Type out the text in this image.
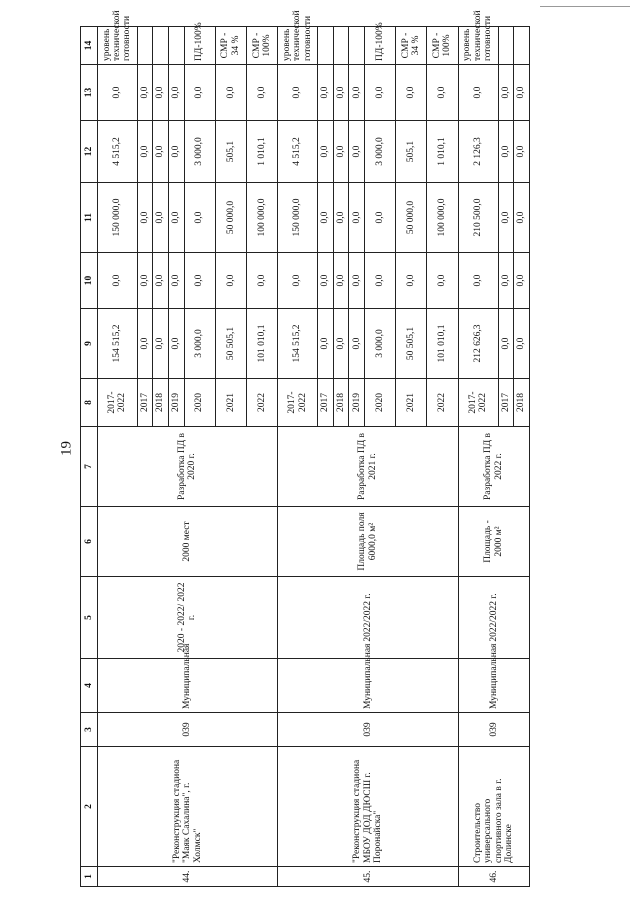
19
1	2	3	4	5	6	7	8	9	10	11	12	13	14
44.	"Реконструкция стадиона "Маяк Сахалина", г. Холмск"	039	Муниципальная	2020 - 2022/ 2022 г.	2000 мест	Разработка ПД в 2020 г.	2017-2022	154 515,2	0,0	150 000,0	4 515,2	0,0	уровень технической готовности
							2017	0,0	0,0	0,0	0,0	0,0	
							2018	0,0	0,0	0,0	0,0	0,0	
							2019	0,0	0,0	0,0	0,0	0,0	
							2020	3 000,0	0,0	0,0	3 000,0	0,0	ПД-100%
							2021	50 505,1	0,0	50 000,0	505,1	0,0	СМР - 34 %
							2022	101 010,1	0,0	100 000,0	1 010,1	0,0	СМР - 100%
45.	"Реконструкция стадиона МБОУ ДОД ДЮСШ г. Поронайска"	039	Муниципальная	2022/2022 г.	Площадь поля 6000,0 м²	Разработка ПД в 2021 г.	2017-2022	154 515,2	0,0	150 000,0	4 515,2	0,0	уровень технической готовности
							2017	0,0	0,0	0,0	0,0	0,0	
							2018	0,0	0,0	0,0	0,0	0,0	
							2019	0,0	0,0	0,0	0,0	0,0	
							2020	3 000,0	0,0	0,0	3 000,0	0,0	ПД-100%
							2021	50 505,1	0,0	50 000,0	505,1	0,0	СМР - 34 %
							2022	101 010,1	0,0	100 000,0	1 010,1	0,0	СМР - 100%
46.	Строительство универсального спортивного зала в г. Долинске	039	Муниципальная	2022/2022 г.	Площадь - 2000 м²	Разработка ПД в 2022 г.	2017-2022	212 626,3	0,0	210 500,0	2 126,3	0,0	уровень технической готовности
							2017	0,0	0,0	0,0	0,0	0,0	
							2018	0,0	0,0	0,0	0,0	0,0	
